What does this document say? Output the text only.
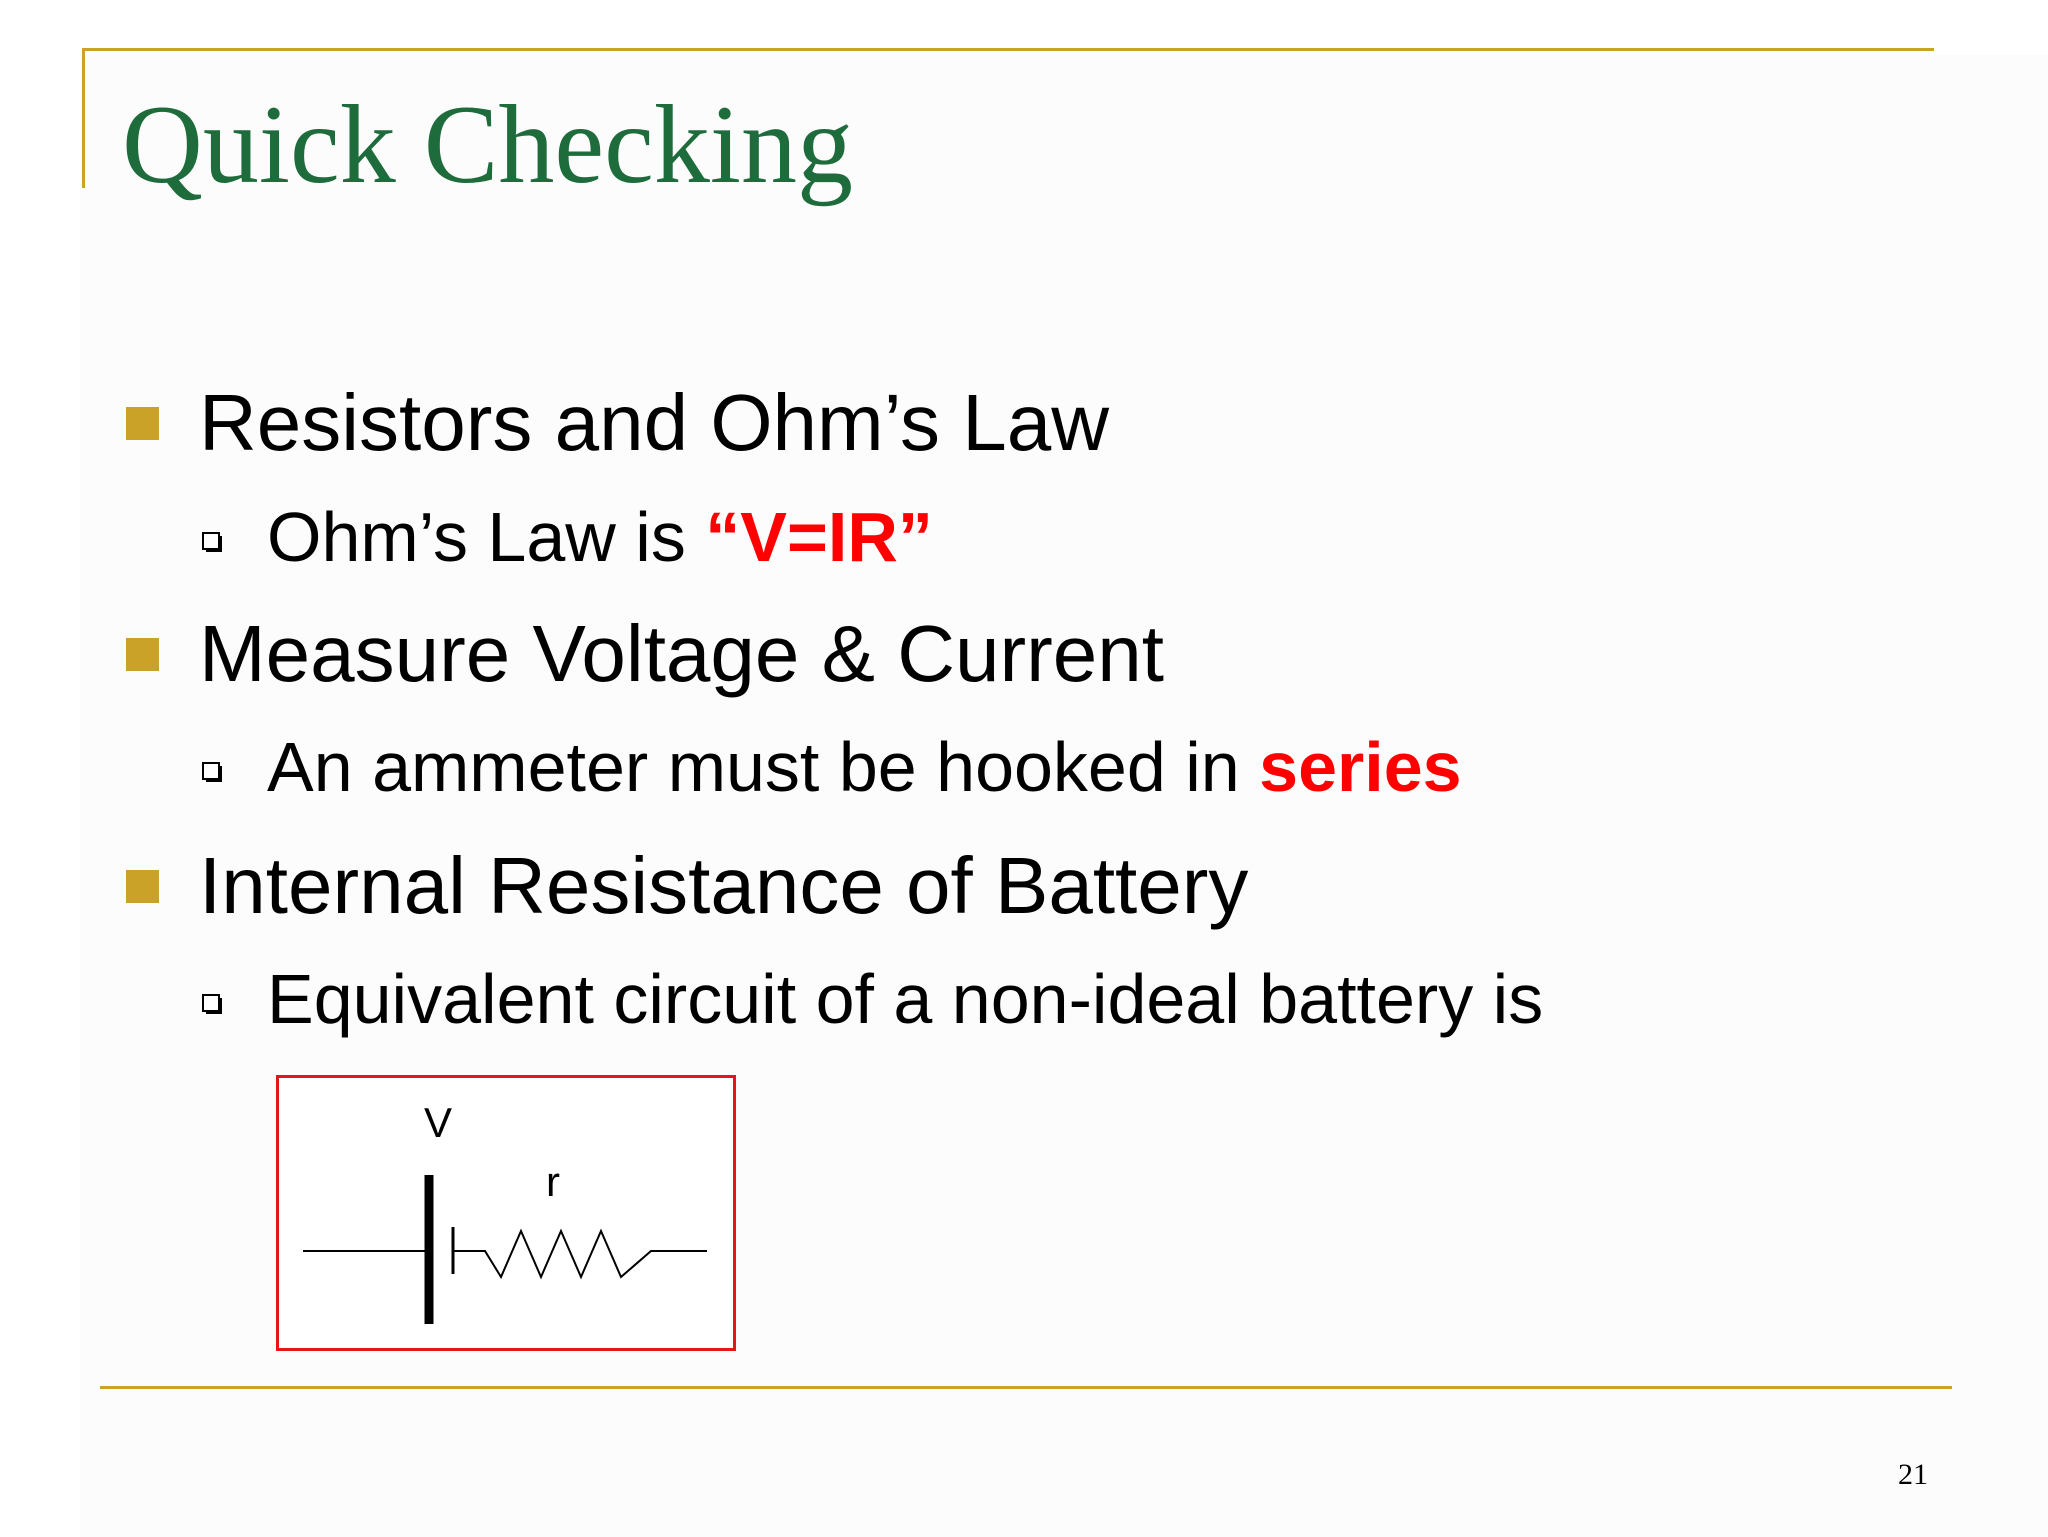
Quick Checking
Resistors and Ohm’s Law
Ohm’s Law is “V=IR”
Measure Voltage & Current
An ammeter must be hooked in series
Internal Resistance of Battery
Equivalent circuit of a non-ideal battery is
V
r
21
